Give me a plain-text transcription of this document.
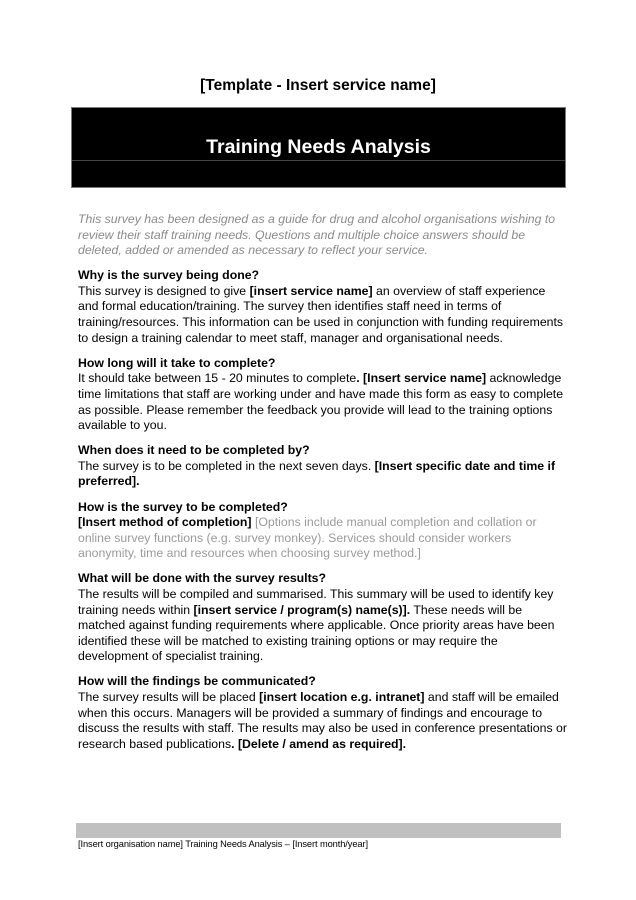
[Template - Insert service name]
Training Needs Analysis

This survey has been designed as a guide for drug and alcohol organisations wishing to review their staff training needs. Questions and multiple choice answers should be deleted, added or amended as necessary to reflect your service.

Why is the survey being done?

This survey is designed to give [insert service name] an overview of staff experience and formal education/training. The survey then identifies staff need in terms of training/resources. This information can be used in conjunction with funding requirements to design a training calendar to meet staff, manager and organisational needs.

How long will it take to complete?

It should take between 15 - 20 minutes to complete. [Insert service name] acknowledge time limitations that staff are working under and have made this form as easy to complete as possible. Please remember the feedback you provide will lead to the training options available to you.

When does it need to be completed by?

The survey is to be completed in the next seven days. [Insert specific date and time if preferred].

How is the survey to be completed?

[Insert method of completion] [Options include manual completion and collation or online survey functions (e.g. survey monkey). Services should consider workers anonymity, time and resources when choosing survey method.]

What will be done with the survey results?

The results will be compiled and summarised. This summary will be used to identify key training needs within [insert service / program(s) name(s)]. These needs will be matched against funding requirements where applicable. Once priority areas have been identified these will be matched to existing training options or may require the development of specialist training.

How will the findings be communicated?

The survey results will be placed [insert location e.g. intranet] and staff will be emailed when this occurs. Managers will be provided a summary of findings and encourage to discuss the results with staff. The results may also be used in conference presentations or research based publications. [Delete / amend as required].

[Insert organisation name] Training Needs Analysis – [Insert month/year]
